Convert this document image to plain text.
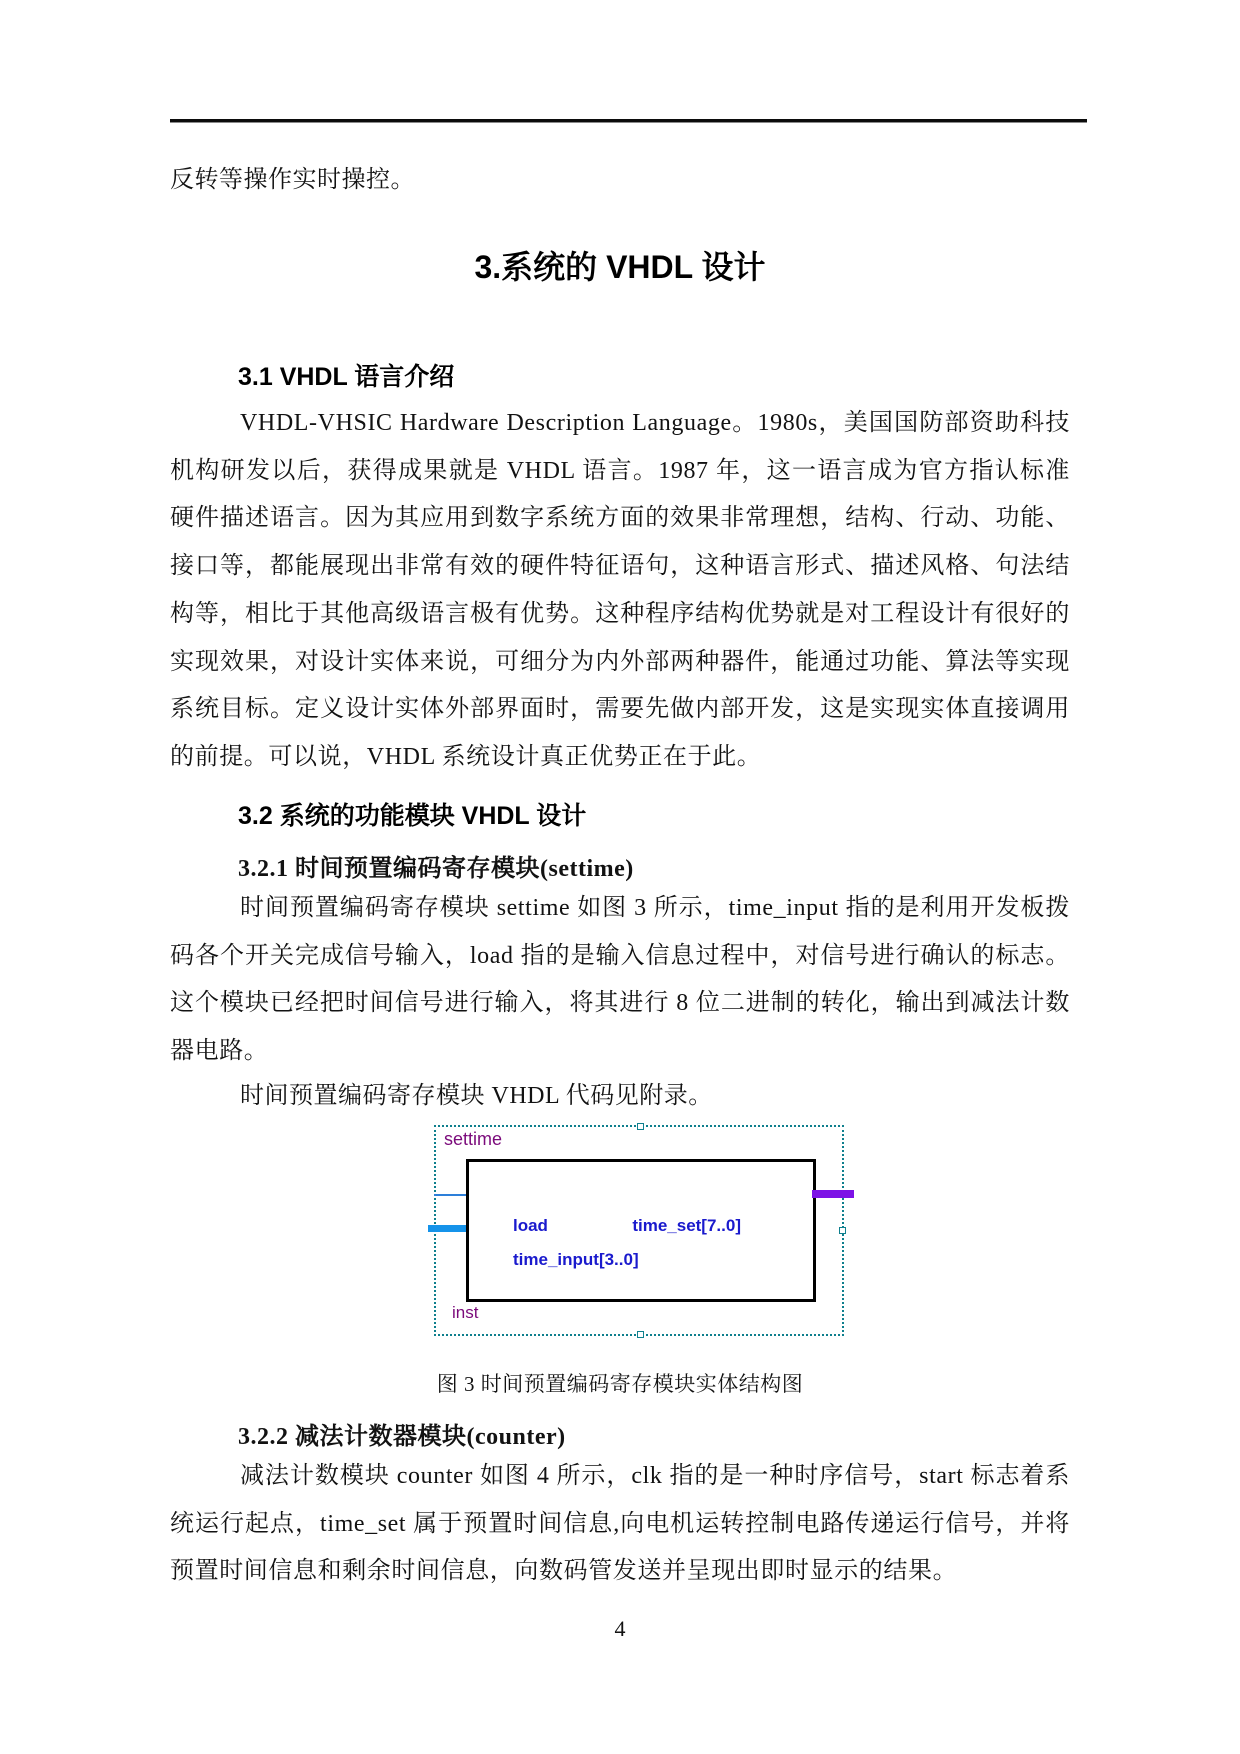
反转等操作实时操控。

3.系统的 VHDL 设计
3.1 VHDL 语言介绍

VHDL-VHSIC Hardware Description Language。1980s，美国国防部资助科技机构研发以后，获得成果就是 VHDL 语言。1987 年，这一语言成为官方指认标准硬件描述语言。因为其应用到数字系统方面的效果非常理想，结构、行动、功能、接口等，都能展现出非常有效的硬件特征语句，这种语言形式、描述风格、句法结构等，相比于其他高级语言极有优势。这种程序结构优势就是对工程设计有很好的实现效果，对设计实体来说，可细分为内外部两种器件，能通过功能、算法等实现系统目标。定义设计实体外部界面时，需要先做内部开发，这是实现实体直接调用的前提。可以说，VHDL 系统设计真正优势正在于此。

3.2 系统的功能模块 VHDL 设计
3.2.1 时间预置编码寄存模块(settime)

时间预置编码寄存模块 settime 如图 3 所示，time_input 指的是利用开发板拨码各个开关完成信号输入，load 指的是输入信息过程中，对信号进行确认的标志。这个模块已经把时间信号进行输入，将其进行 8 位二进制的转化，输出到减法计数器电路。

时间预置编码寄存模块 VHDL 代码见附录。

settime
load
time_input[3..0]
time_set[7..0]
inst

图 3 时间预置编码寄存模块实体结构图

3.2.2 减法计数器模块(counter)

减法计数模块 counter 如图 4 所示，clk 指的是一种时序信号，start 标志着系统运行起点，time_set 属于预置时间信息,向电机运转控制电路传递运行信号，并将预置时间信息和剩余时间信息，向数码管发送并呈现出即时显示的结果。

4
